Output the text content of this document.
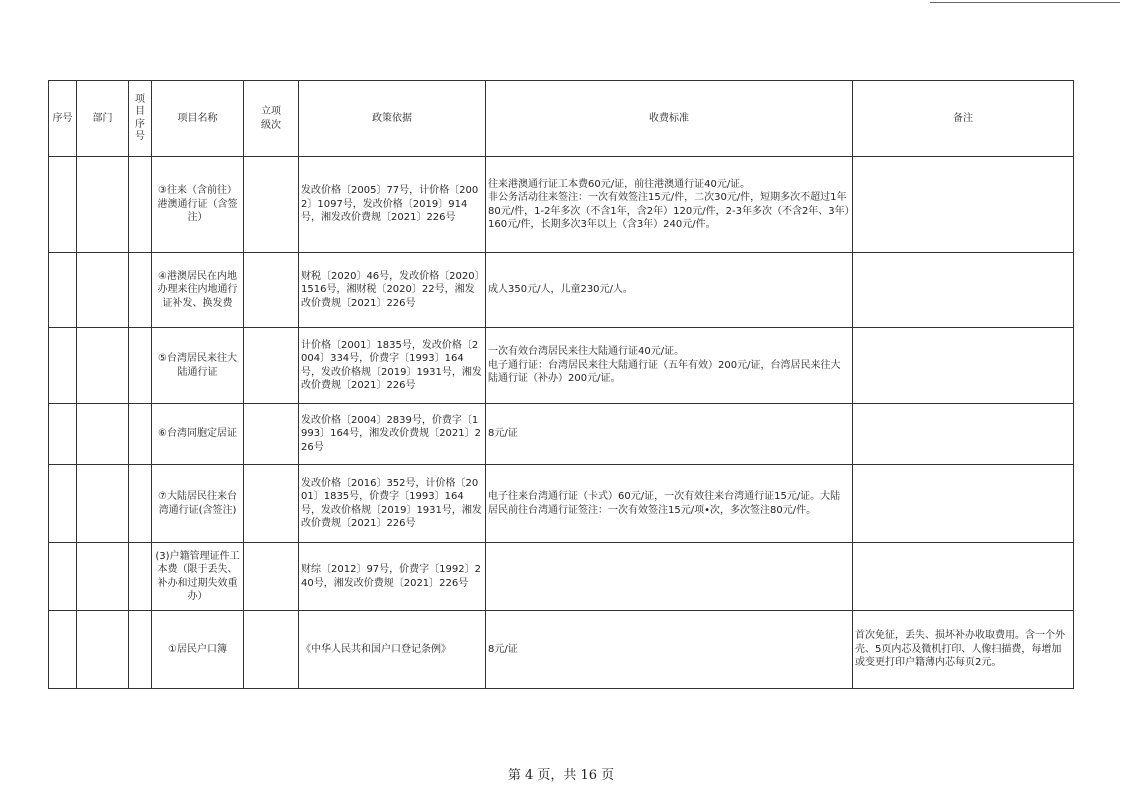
序号	部门	项目序号	项目名称	立项级次	政策依据	收费标准	备注
			③往来（含前往）港澳通行证（含签注）		发改价格〔2005〕77号，计价格〔2002〕1097号，发改价格〔2019〕914号，湘发改价费规〔2021〕226号	往来港澳通行证工本费60元/证，前往港澳通行证40元/证。
非公务活动往来签注：一次有效签注15元/件，二次30元/件，短期多次不超过1年80元/件，1-2年多次（不含1年，含2年）120元/件，2-3年多次（不含2年、3年）160元/件，长期多次3年以上（含3年）240元/件。	
			④港澳居民在内地办理来往内地通行证补发、换发费		财税〔2020〕46号，发改价格〔2020〕1516号，湘财税〔2020〕22号，湘发改价费规〔2021〕226号	成人350元/人，儿童230元/人。	
			⑤台湾居民来往大陆通行证		计价格〔2001〕1835号，发改价格〔2004〕334号，价费字〔1993〕164号，发改价格规〔2019〕1931号，湘发改价费规〔2021〕226号	一次有效台湾居民来往大陆通行证40元/证。
电子通行证：台湾居民来往大陆通行证（五年有效）200元/证，台湾居民来往大陆通行证（补办）200元/证。	
			⑥台湾同胞定居证		发改价格〔2004〕2839号，价费字〔1993〕164号，湘发改价费规〔2021〕226号	8元/证	
			⑦大陆居民往来台湾通行证(含签注)		发改价格〔2016〕352号，计价格〔2001〕1835号，价费字〔1993〕164号，发改价格规〔2019〕1931号，湘发改价费规〔2021〕226号	电子往来台湾通行证（卡式）60元/证，一次有效往来台湾通行证15元/证。大陆居民前往台湾通行证签注：一次有效签注15元/项•次，多次签注80元/件。	
			(3)户籍管理证件工本费（限于丢失、补办和过期失效重办）		财综〔2012〕97号，价费字〔1992〕240号，湘发改价费规〔2021〕226号		
			①居民户口簿		《中华人民共和国户口登记条例》	8元/证	首次免征，丢失、损坏补办收取费用。含一个外壳、5页内芯及微机打印、人像扫描费，每增加或变更打印户籍薄内芯每页2元。
第 4 页，共 16 页
